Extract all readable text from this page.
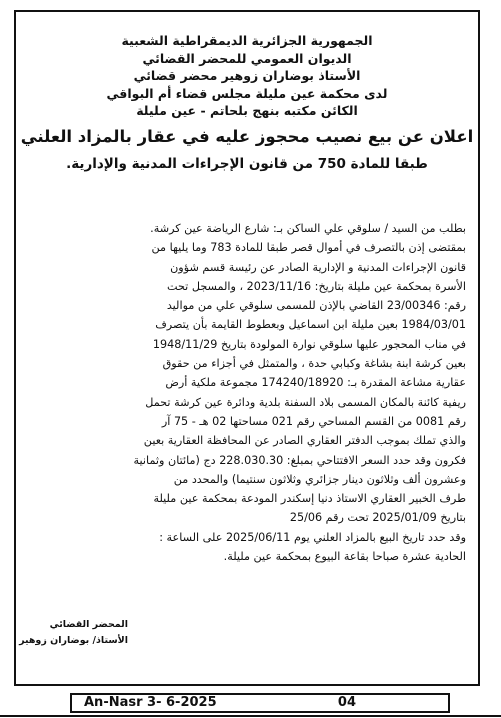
الجمهورية الجزائرية الديمقراطية الشعبية
الديوان العمومي للمحضر القضائي
الأستاذ بوضاران زوهير محضر قضائي
لدى محكمة عين مليلة مجلس قضاء أم البواقي
الكائن مكتبه بنهج بلحاتم - عين مليلة
اعلان عن بيع نصيب محجوز عليه في عقار بالمزاد العلني
طبقا للمادة 750 من قانون الإجراءات المدنية والإدارية.
بطلب من السيد / سلوقي علي الساكن بـ: شارع الرياضة عين كرشة.
بمقتضى إذن بالتصرف في أموال قصر طبقا للمادة 783 وما يليها من
قانون الإجراءات المدنية و الإدارية الصادر عن رئيسة قسم شؤون
الأسرة بمحكمة عين مليلة بتاريخ: 2023/11/16 ، والمسجل تحت
رقم: 23/00346 القاضي بالإذن للمسمى سلوقي علي من مواليد
1984/03/01 بعين مليلة ابن اسماعيل وبعطوط القايمة بأن يتصرف
في مناب المحجور عليها سلوقي نوارة المولودة بتاريخ 1948/11/29
بعين كرشة ابنة بشاغة وكبابي حدة ، والمتمثل في أجزاء من حقوق
عقارية مشاعة المقدرة بـ: 174240/18920 مجموعة ملكية أرض
ريفية كائنة بالمكان المسمى بلاد السفنة بلدية ودائرة عين كرشة تحمل
رقم 0081 من القسم المساحي رقم 021 مساحتها 02 هـ - 75 آر
والذي تملك بموجب الدفتر العقاري الصادر عن المحافظة العقارية بعين
فكرون وقد حدد السعر الافتتاحي بمبلغ: 228.030.30 دج (مائتان وثمانية
وعشرون ألف وثلاثون دينار جزائري وثلاثون سنتيما) والمحدد من
طرف الخبير العقاري الاستاذ دنيا إسكندر المودعة بمحكمة عين مليلة
بتاريخ 2025/01/09 تحت رقم 25/06
وقد حدد تاريخ البيع بالمزاد العلني يوم 2025/06/11 على الساعة :
الحادية عشرة صباحا بقاعة البيوع بمحكمة عين مليلة.
المحضر القضائي
الأستاذ/ بوضاران زوهير
An-Nasr 3- 6-2025	04
